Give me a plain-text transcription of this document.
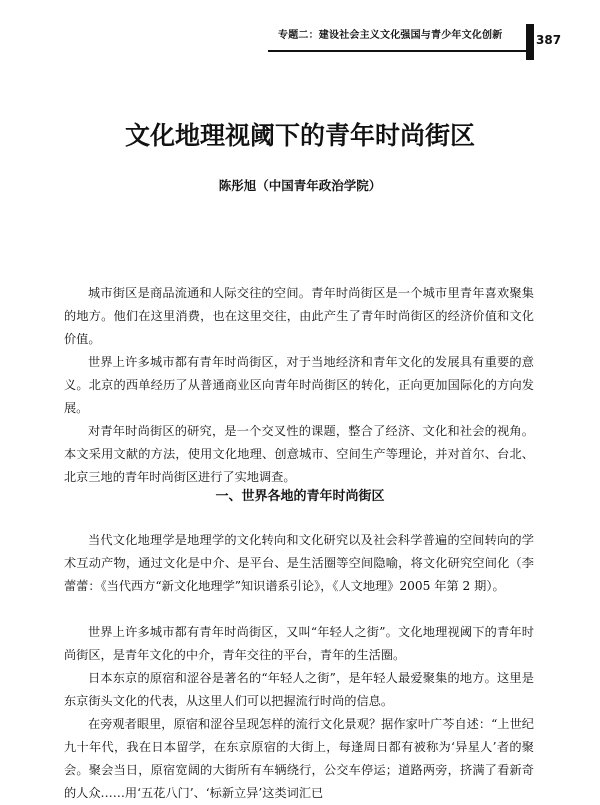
专题二：建设社会主义文化强国与青少年文化创新	387
文化地理视阈下的青年时尚街区
陈彤旭（中国青年政治学院）

城市街区是商品流通和人际交往的空间。青年时尚街区是一个城市里青年喜欢聚集的地方。他们在这里消费，也在这里交往，由此产生了青年时尚街区的经济价值和文化价值。

世界上许多城市都有青年时尚街区，对于当地经济和青年文化的发展具有重要的意义。北京的西单经历了从普通商业区向青年时尚街区的转化，正向更加国际化的方向发展。

对青年时尚街区的研究，是一个交叉性的课题，整合了经济、文化和社会的视角。本文采用文献的方法，使用文化地理、创意城市、空间生产等理论，并对首尔、台北、北京三地的青年时尚街区进行了实地调查。

一、世界各地的青年时尚街区

当代文化地理学是地理学的文化转向和文化研究以及社会科学普遍的空间转向的学术互动产物，通过文化是中介、是平台、是生活圈等空间隐喻，将文化研究空间化（李蕾蕾：《当代西方“新文化地理学”知识谱系引论》，《人文地理》2005 年第 2 期）。

世界上许多城市都有青年时尚街区，又叫“年轻人之街”。文化地理视阈下的青年时尚街区，是青年文化的中介，青年交往的平台，青年的生活圈。

日本东京的原宿和涩谷是著名的“年轻人之街”，是年轻人最爱聚集的地方。这里是东京街头文化的代表，从这里人们可以把握流行时尚的信息。

在旁观者眼里，原宿和涩谷呈现怎样的流行文化景观？据作家叶广芩自述：“上世纪九十年代，我在日本留学，在东京原宿的大街上，每逢周日都有被称为‘异星人’者的聚会。聚会当日，原宿宽阔的大街所有车辆绕行，公交车停运；道路两旁，挤满了看新奇的人众……用‘五花八门’、‘标新立异’这类词汇已
